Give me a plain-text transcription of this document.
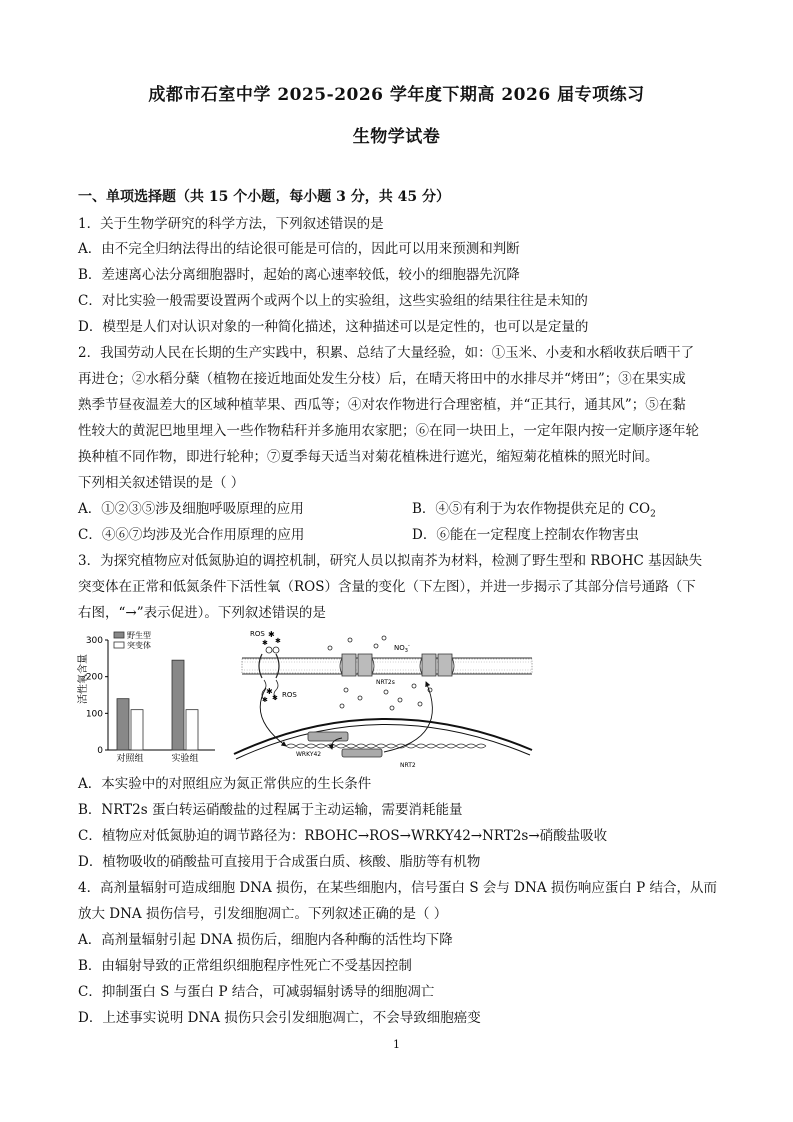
成都市石室中学 2025-2026 学年度下期高 2026 届专项练习
生物学试卷
一、单项选择题（共 15 个小题，每小题 3 分，共 45 分）
1．关于生物学研究的科学方法，下列叙述错误的是
A．由不完全归纳法得出的结论很可能是可信的，因此可以用来预测和判断
B．差速离心法分离细胞器时，起始的离心速率较低，较小的细胞器先沉降
C．对比实验一般需要设置两个或两个以上的实验组，这些实验组的结果往往是未知的
D．模型是人们对认识对象的一种简化描述，这种描述可以是定性的，也可以是定量的
2．我国劳动人民在长期的生产实践中，积累、总结了大量经验，如：①玉米、小麦和水稻收获后晒干了
再进仓；②水稻分蘖（植物在接近地面处发生分枝）后，在晴天将田中的水排尽并“烤田”；③在果实成
熟季节昼夜温差大的区域种植苹果、西瓜等；④对农作物进行合理密植，并“正其行，通其风”；⑤在黏
性较大的黄泥巴地里埋入一些作物秸秆并多施用农家肥；⑥在同一块田上，一定年限内按一定顺序逐年轮
换种植不同作物，即进行轮种；⑦夏季每天适当对菊花植株进行遮光，缩短菊花植株的照光时间。
下列相关叙述错误的是（ ）
A．①②③⑤涉及细胞呼吸原理的应用	B．④⑤有利于为农作物提供充足的 $CO_2$
C．④⑥⑦均涉及光合作用原理的应用	D．⑥能在一定程度上控制农作物害虫
3．为探究植物应对低氮胁迫的调控机制，研究人员以拟南芥为材料，检测了野生型和 RBOHC 基因缺失
突变体在正常和低氮条件下活性氧（ROS）含量的变化（下左图），并进一步揭示了其部分信号通路（下
右图，“→”表示促进）。下列叙述错误的是
活性氧含量
0
100
200
300
对照组	实验组
野生型
突变体
ROS ✱
✱
✱
NRT2s
$NO_3^-$
✱
✱
✱
ROS
WRKY42
NRT2
A．本实验中的对照组应为氮正常供应的生长条件
B．NRT2s 蛋白转运硝酸盐的过程属于主动运输，需要消耗能量
C．植物应对低氮胁迫的调节路径为：RBOHC→ROS→WRKY42→NRT2s→硝酸盐吸收
D．植物吸收的硝酸盐可直接用于合成蛋白质、核酸、脂肪等有机物
4．高剂量辐射可造成细胞 DNA 损伤，在某些细胞内，信号蛋白 S 会与 DNA 损伤响应蛋白 P 结合，从而
放大 DNA 损伤信号，引发细胞凋亡。下列叙述正确的是（ ）
A．高剂量辐射引起 DNA 损伤后，细胞内各种酶的活性均下降
B．由辐射导致的正常组织细胞程序性死亡不受基因控制
C．抑制蛋白 S 与蛋白 P 结合，可减弱辐射诱导的细胞凋亡
D．上述事实说明 DNA 损伤只会引发细胞凋亡，不会导致细胞癌变
1
